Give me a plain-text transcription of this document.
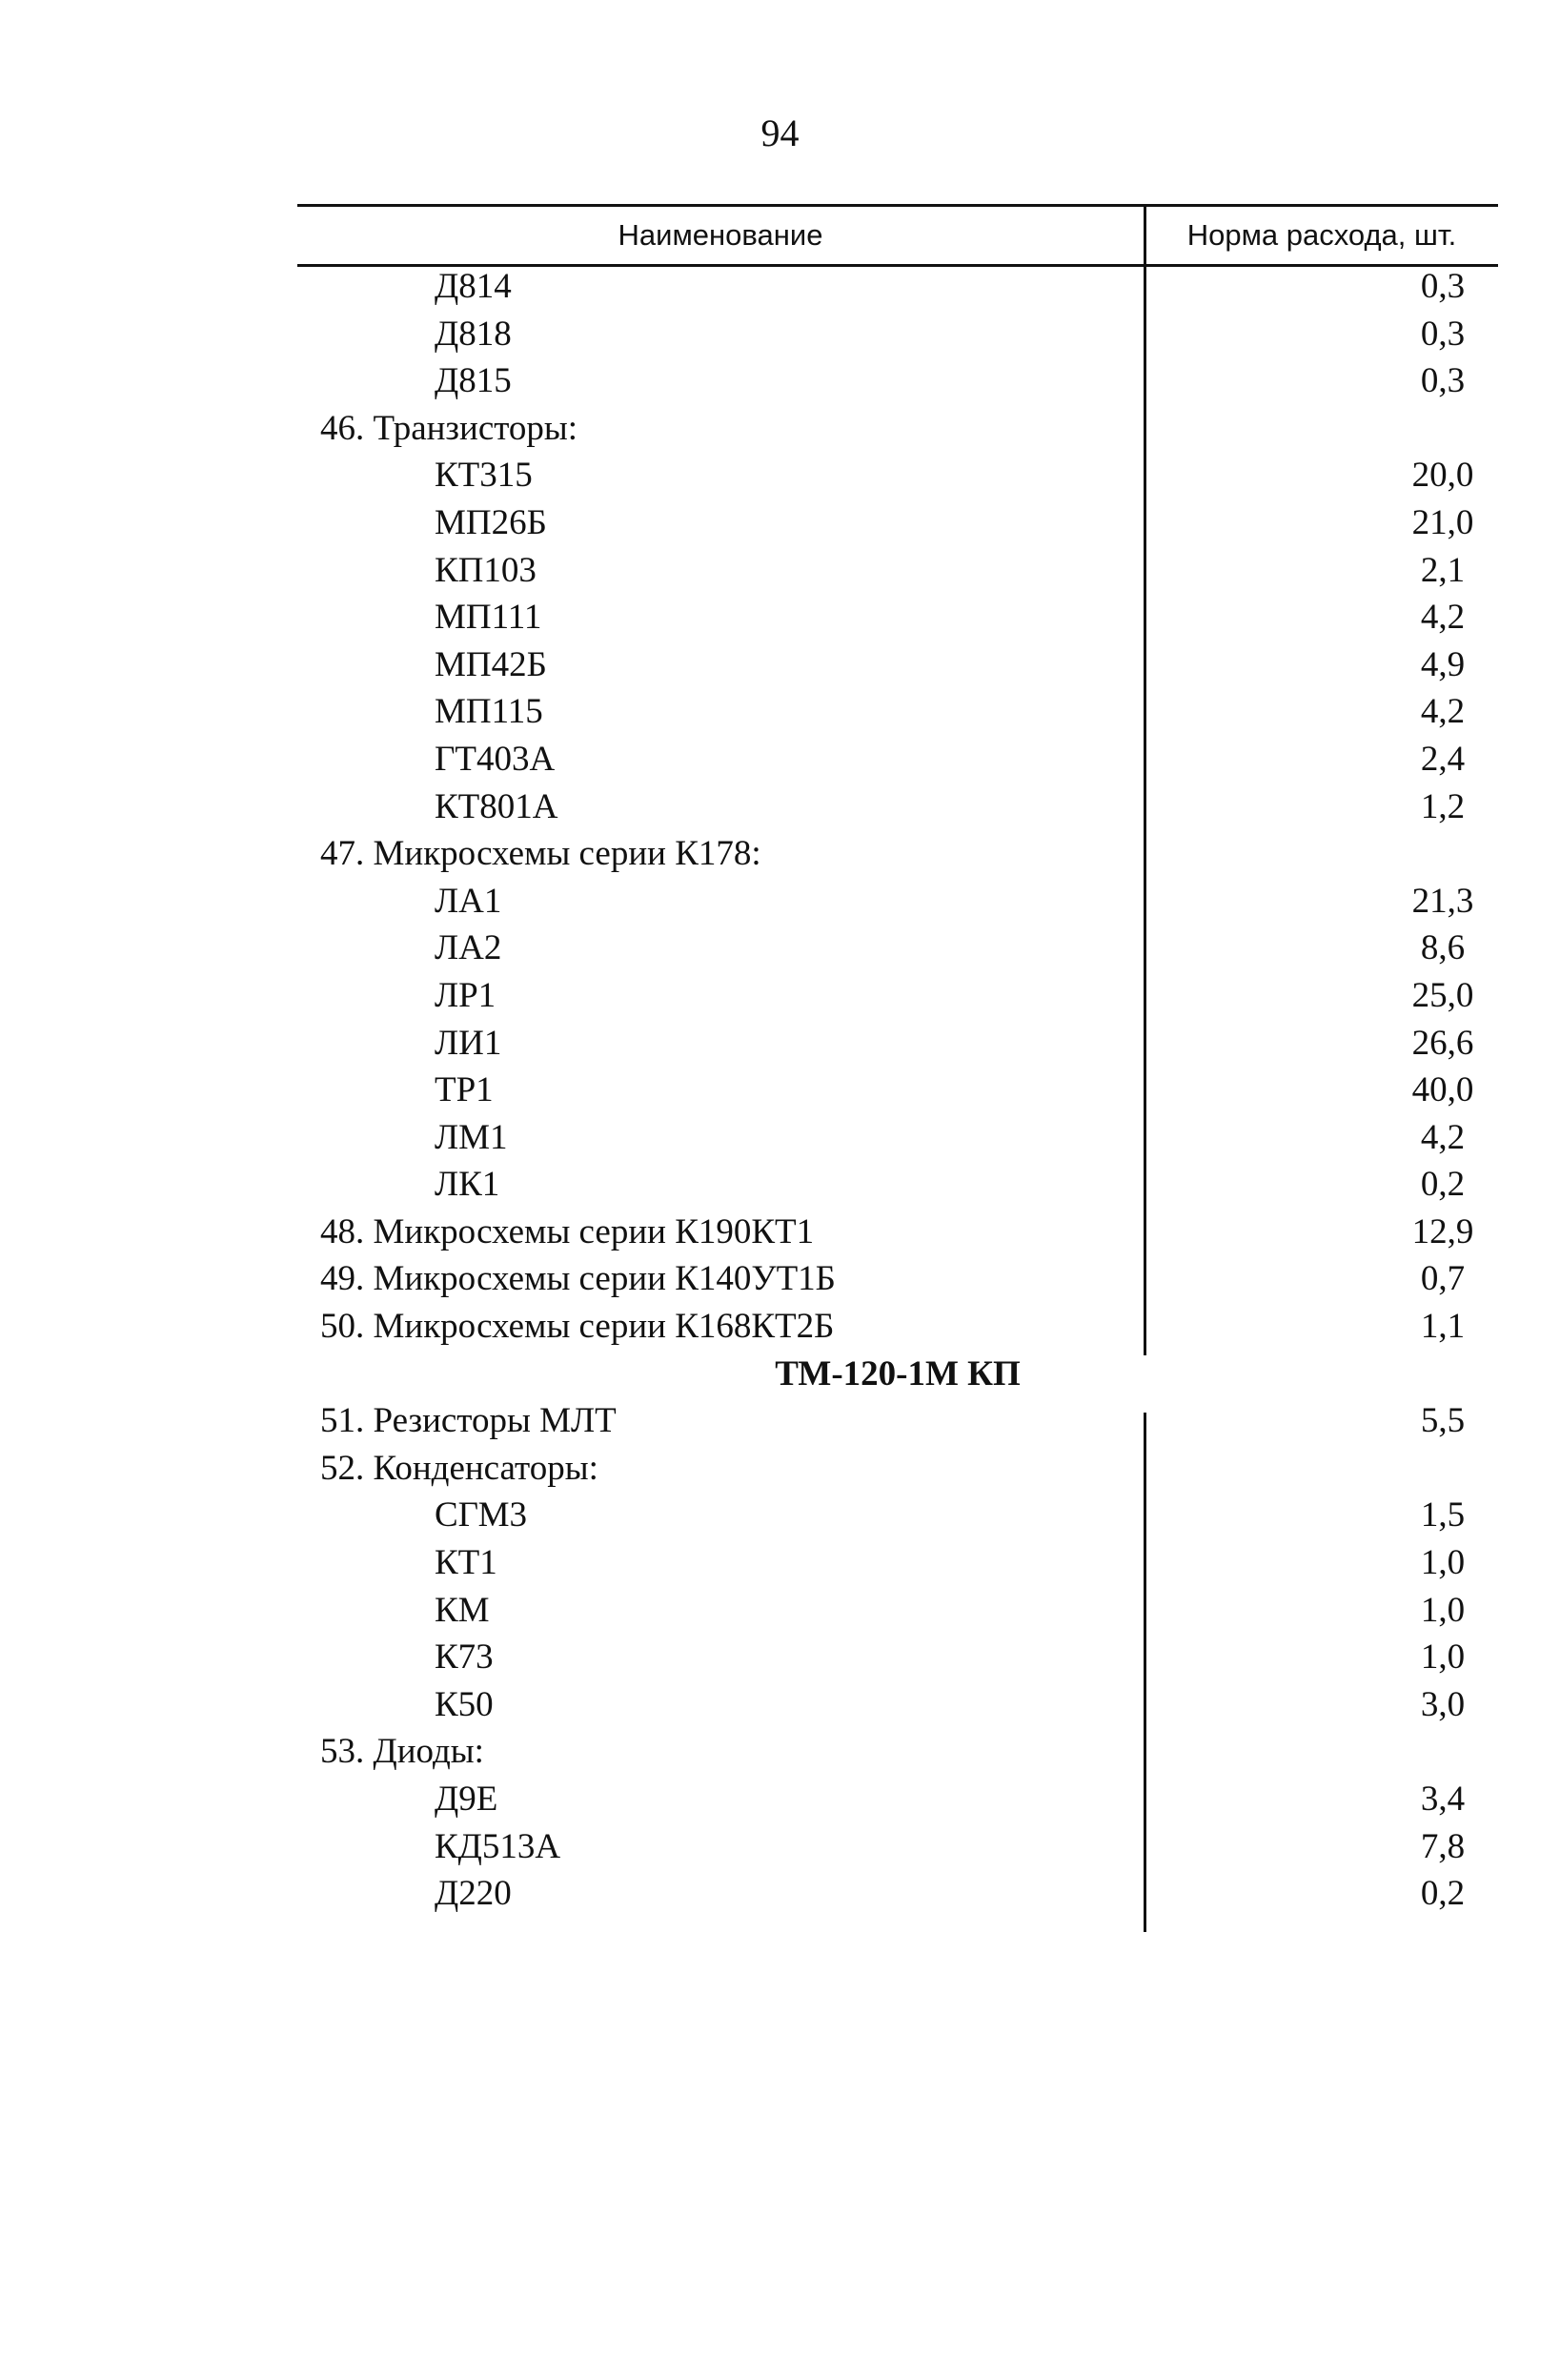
94
Наименование	Норма расхода, шт.
Д814	0,3
Д818	0,3
Д815	0,3
46. Транзисторы:
КТ315	20,0
МП26Б	21,0
КП103	2,1
МП111	4,2
МП42Б	4,9
МП115	4,2
ГТ403А	2,4
КТ801А	1,2
47. Микросхемы серии К178:
ЛА1	21,3
ЛА2	8,6
ЛР1	25,0
ЛИ1	26,6
ТР1	40,0
ЛМ1	4,2
ЛК1	0,2
48. Микросхемы серии К190КТ1	12,9
49. Микросхемы серии К140УТ1Б	0,7
50. Микросхемы серии К168КТ2Б	1,1
ТМ-120-1М КП
51. Резисторы МЛТ	5,5
52. Конденсаторы:
СГМ3	1,5
КТ1	1,0
КМ	1,0
К73	1,0
К50	3,0
53. Диоды:
Д9Е	3,4
КД513А	7,8
Д220	0,2
